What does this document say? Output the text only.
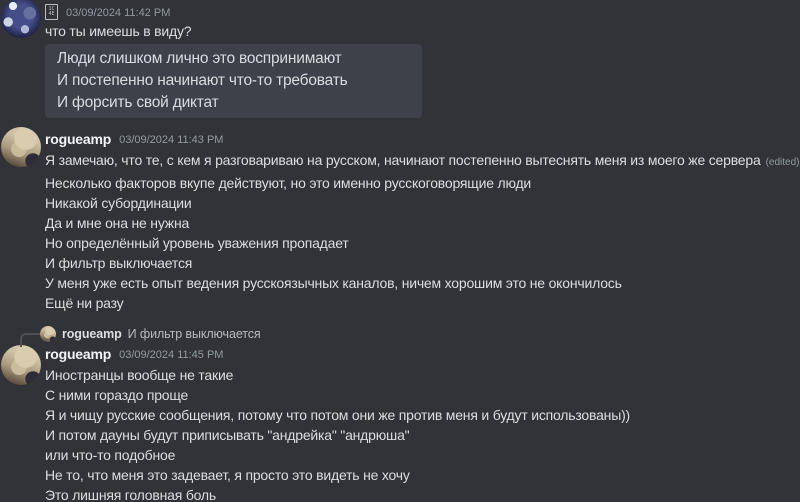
1C
4E 03/09/2024 11:42 PM
что ты имеешь в виду?
Люди слишком лично это воспринимают
И постепенно начинают что-то требовать
И форсить свой диктат
rogueamp 03/09/2024 11:43 PM
Я замечаю, что те, с кем я разговариваю на русском, начинают постепенно вытеснять меня из моего же сервера (edited)
Несколько факторов вкупе действуют, но это именно русскоговорящие люди
Никакой субординации
Да и мне она не нужна
Но определённый уровень уважения пропадает
И фильтр выключается
У меня уже есть опыт ведения русскоязычных каналов, ничем хорошим это не окончилось
Ещё ни разу
rogueamp И фильтр выключается
rogueamp 03/09/2024 11:45 PM
Иностранцы вообще не такие
С ними гораздо проще
Я и чищу русские сообщения, потому что потом они же против меня и будут использованы))
И потом дауны будут приписывать "андрейка" "андрюша"
или что-то подобное
Не то, что меня это задевает, я просто это видеть не хочу
Это лишняя головная боль
